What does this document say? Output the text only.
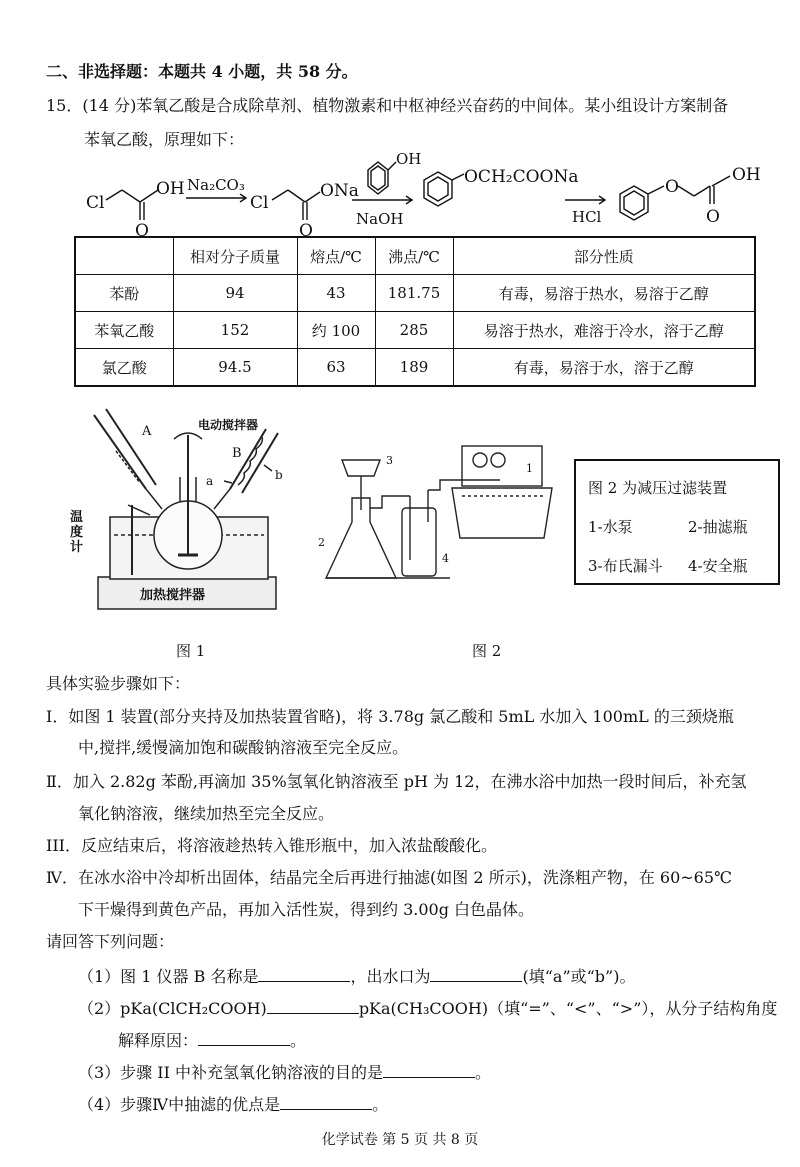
二、非选择题：本题共 4 小题，共 58 分。
15．(14 分)苯氧乙酸是合成除草剂、植物激素和中枢神经兴奋药的中间体。某小组设计方案制备
苯氧乙酸，原理如下：
Cl
OH
O
Na₂CO₃
Cl
ONa
O
OH
NaOH
OCH₂COONa
HCl
O
OH
O
	相对分子质量	熔点/℃	沸点/℃	部分性质
苯酚	94	43	181.75	有毒，易溶于热水，易溶于乙醇
苯氧乙酸	152	约 100	285	易溶于热水，难溶于冷水，溶于乙醇
氯乙酸	94.5	63	189	有毒，易溶于水，溶于乙醇
A	电动搅拌器
B
a	b
加热搅拌器
温度计
图 1
1
2
3
4
图 2
图 2 为减压过滤装置
1-水泵	2-抽滤瓶
3-布氏漏斗 4-安全瓶
具体实验步骤如下：
Ⅰ．如图 1 装置(部分夹持及加热装置省略)，将 3.78g 氯乙酸和 5mL 水加入 100mL 的三颈烧瓶
中,搅拌,缓慢滴加饱和碳酸钠溶液至完全反应。
Ⅱ．加入 2.82g 苯酚,再滴加 35%氢氧化钠溶液至 pH 为 12，在沸水浴中加热一段时间后，补充氢
氧化钠溶液，继续加热至完全反应。
III．反应结束后，将溶液趁热转入锥形瓶中，加入浓盐酸酸化。
Ⅳ．在冰水浴中冷却析出固体，结晶完全后再进行抽滤(如图 2 所示)，洗涤粗产物，在 60~65℃
下干燥得到黄色产品，再加入活性炭，得到约 3.00g 白色晶体。
请回答下列问题：
（1）图 1 仪器 B 名称是	，出水口为	(填“a”或“b”)。
（2）pKa(ClCH₂COOH)	pKa(CH₃COOH)（填“=”、“<”、“>”），从分子结构角度
解释原因：	。
（3）步骤 II 中补充氢氧化钠溶液的目的是	。
（4）步骤Ⅳ中抽滤的优点是	。
化学试卷 第 5 页 共 8 页
